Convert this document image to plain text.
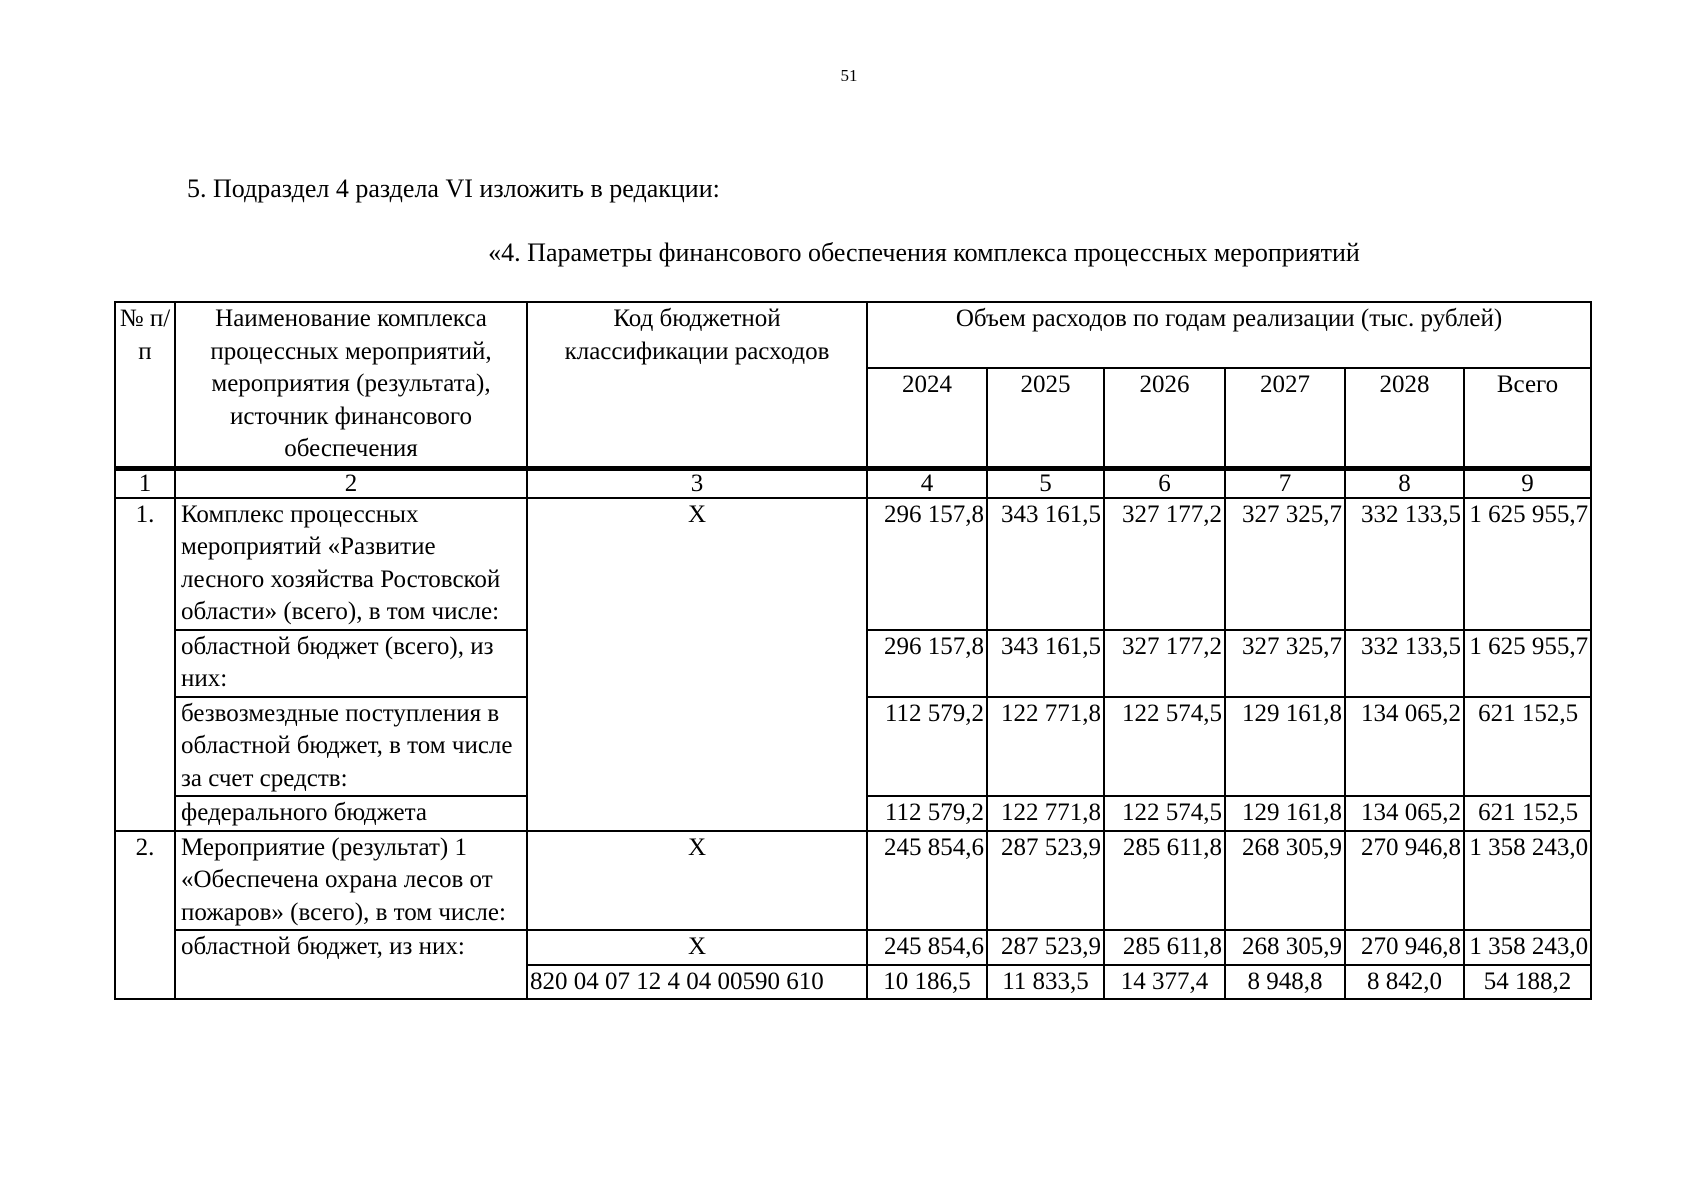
51
5. Подраздел 4 раздела VI изложить в редакции:
«4. Параметры финансового обеспечения комплекса процессных мероприятий
№ п/п	Наименование комплекса процессных мероприятий, мероприятия (результата), источник финансового обеспечения	Код бюджетной классификации расходов	Объем расходов по годам реализации (тыс. рублей)					
			2024	2025	2026	2027	2028	Всего
1	2	3	4	5	6	7	8	9
1.	Комплекс процессных мероприятий «Развитие лесного хозяйства Ростовской области» (всего), в том числе:	Х	296 157,8	343 161,5	327 177,2	327 325,7	332 133,5	1 625 955,7
	областной бюджет (всего), из них:		296 157,8	343 161,5	327 177,2	327 325,7	332 133,5	1 625 955,7
	безвозмездные поступления в областной бюджет, в том числе за счет средств:		112 579,2	122 771,8	122 574,5	129 161,8	134 065,2	621 152,5
	федерального бюджета		112 579,2	122 771,8	122 574,5	129 161,8	134 065,2	621 152,5
2.	Мероприятие (результат) 1 «Обеспечена охрана лесов от пожаров» (всего), в том числе:	Х	245 854,6	287 523,9	285 611,8	268 305,9	270 946,8	1 358 243,0
	областной бюджет, из них:	Х	245 854,6	287 523,9	285 611,8	268 305,9	270 946,8	1 358 243,0
		820 04 07 12 4 04 00590 610	10 186,5	11 833,5	14 377,4	8 948,8	8 842,0	54 188,2
